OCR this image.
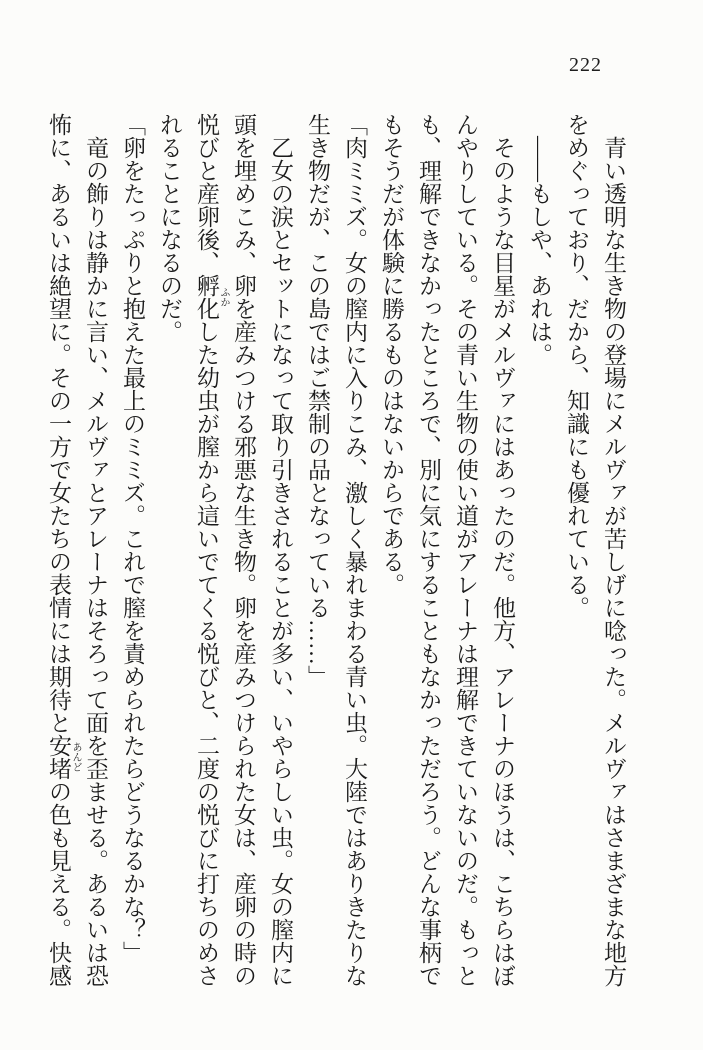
222

青い透明な生き物の登場にメルヴァが苦しげに唸った。メルヴァはさまざまな地方をめぐっており、だから、知識にも優れている。

――もしや、あれは。

そのような目星がメルヴァにはあったのだ。他方、アレーナのほうは、こちらはぼんやりしている。その青い生物の使い道がアレーナは理解できていないのだ。もっとも、理解できなかったところで、別に気にすることもなかっただろう。どんな事柄でもそうだが体験に勝るものはないからである。

「肉ミミズ。女の膣内に入りこみ、激しく暴れまわる青い虫。大陸ではありきたりな生き物だが、この島ではご禁制の品となっている……」

乙女の涙とセットになって取り引きされることが多い、いやらしい虫。女の膣内に頭を埋めこみ、卵を産みつける邪悪な生き物。卵を産みつけられた女は、産卵の時の悦びと産卵後、孵化 ふかした幼虫が膣から這いでてくる悦びと、二度の悦びに打ちのめされることになるのだ。

「卵をたっぷりと抱えた最上のミミズ。これで膣を責められたらどうなるかな？」

竜の飾りは静かに言い、メルヴァとアレーナはそろって面を歪ませる。あるいは恐怖に、あるいは絶望に。その一方で女たちの表情には期待と安堵 あんどの色も見える。快感
